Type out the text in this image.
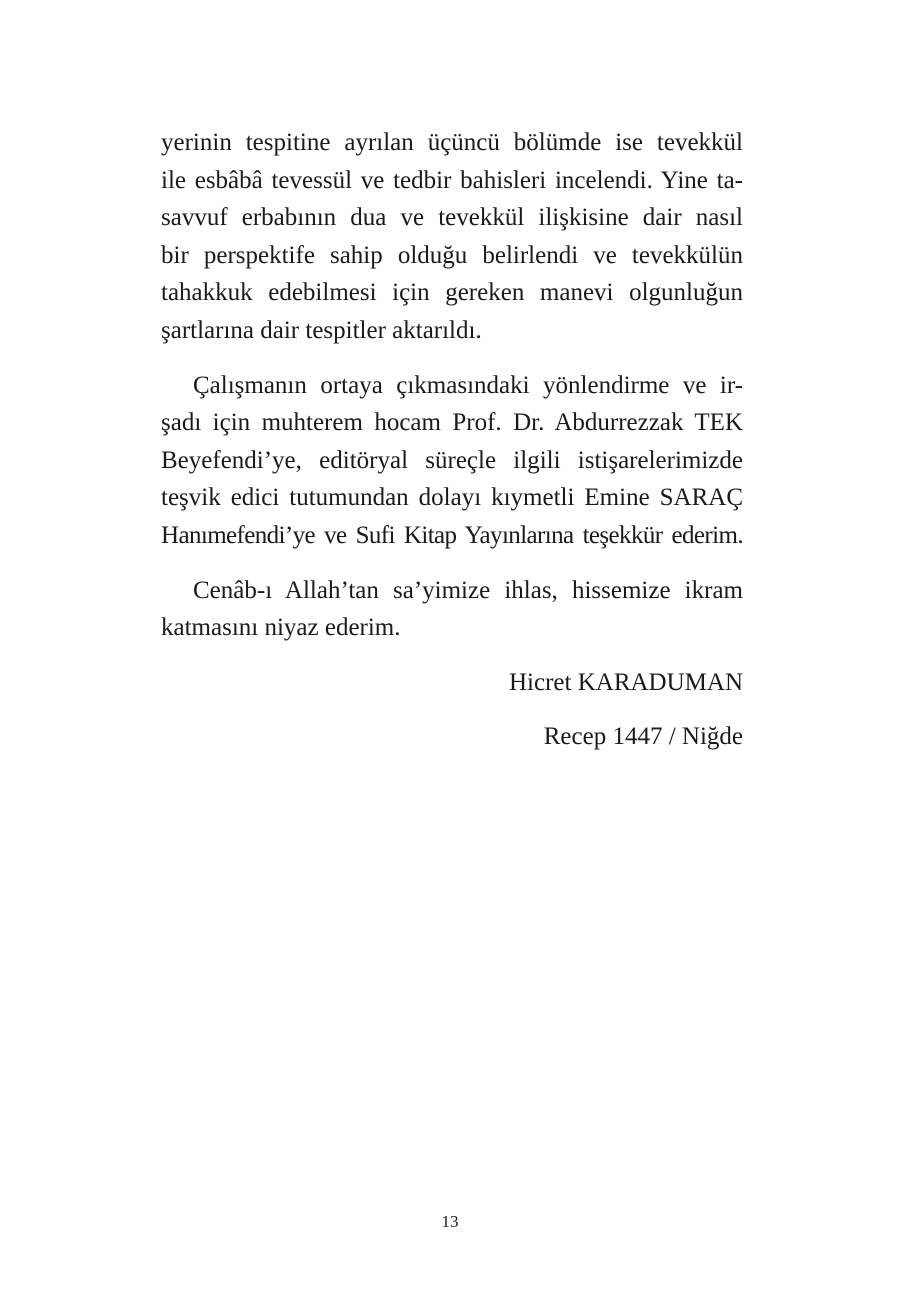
yerinin tespitine ayrılan üçüncü bölümde ise tevekkül
ile esbâbâ tevessül ve tedbir bahisleri incelendi. Yine ta-
savvuf erbabının dua ve tevekkül ilişkisine dair nasıl
bir perspektife sahip olduğu belirlendi ve tevekkülün
tahakkuk edebilmesi için gereken manevi olgunluğun
şartlarına dair tespitler aktarıldı.
Çalışmanın ortaya çıkmasındaki yönlendirme ve ir-
şadı için muhterem hocam Prof. Dr. Abdurrezzak TEK
Beyefendi’ye, editöryal süreçle ilgili istişarelerimizde
teşvik edici tutumundan dolayı kıymetli Emine SARAÇ
Hanımefendi’ye ve Sufi Kitap Yayınlarına teşekkür ederim.
Cenâb-ı Allah’tan sa’yimize ihlas, hissemize ikram
katmasını niyaz ederim.
Hicret KARADUMAN
Recep 1447 / Niğde
13
